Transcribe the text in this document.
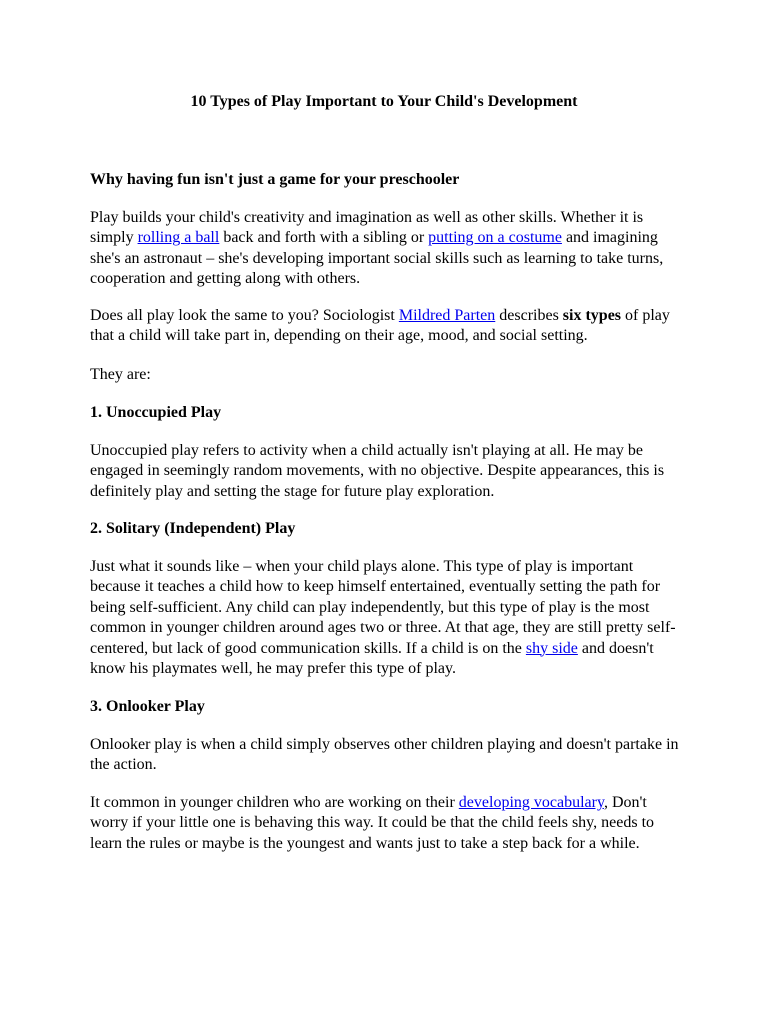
10 Types of Play Important to Your Child's Development

Why having fun isn't just a game for your preschooler

Play builds your child's creativity and imagination as well as other skills. Whether it is simply rolling a ball back and forth with a sibling or putting on a costume and imagining she's an astronaut – she's developing important social skills such as learning to take turns, cooperation and getting along with others.

Does all play look the same to you? Sociologist Mildred Parten describes six types of play that a child will take part in, depending on their age, mood, and social setting.

They are:

1. Unoccupied Play

Unoccupied play refers to activity when a child actually isn't playing at all. He may be engaged in seemingly random movements, with no objective. Despite appearances, this is definitely play and setting the stage for future play exploration.

2. Solitary (Independent) Play

Just what it sounds like – when your child plays alone. This type of play is important because it teaches a child how to keep himself entertained, eventually setting the path for being self-sufficient. Any child can play independently, but this type of play is the most common in younger children around ages two or three. At that age, they are still pretty self-centered, but lack of good communication skills. If a child is on the shy side and doesn't know his playmates well, he may prefer this type of play.

3. Onlooker Play

Onlooker play is when a child simply observes other children playing and doesn't partake in the action.

It common in younger children who are working on their developing vocabulary, Don't worry if your little one is behaving this way. It could be that the child feels shy, needs to learn the rules or maybe is the youngest and wants just to take a step back for a while.
